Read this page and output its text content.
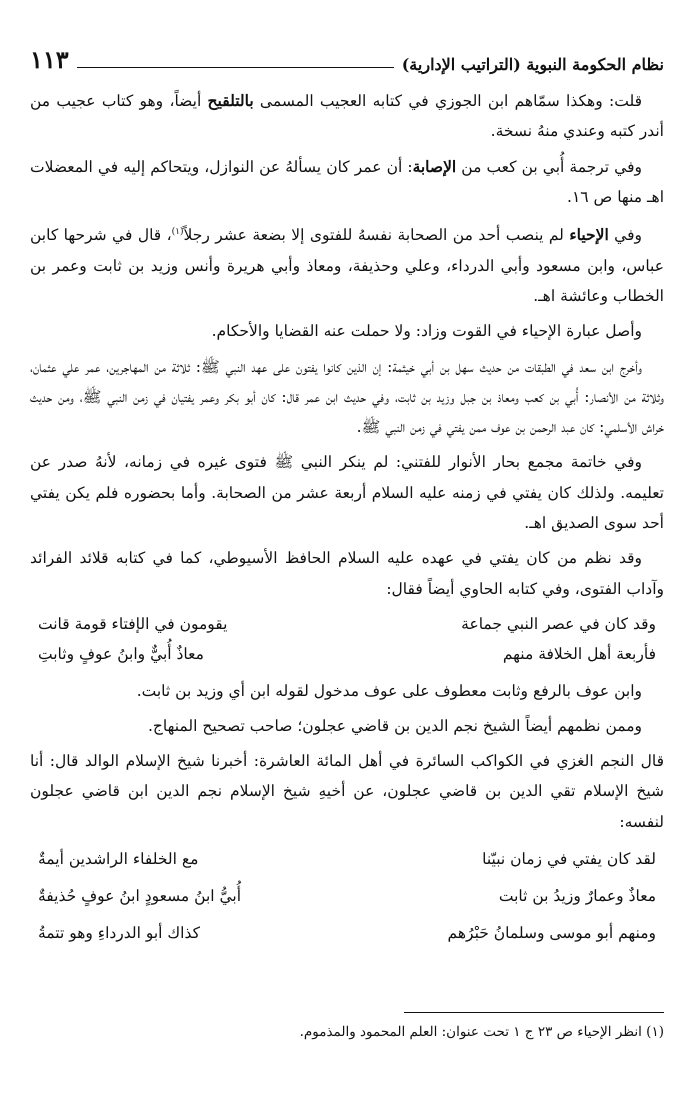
نظام الحكومة النبوية (التراتيب الإدارية)
١١٣

قلت: وهكذا سمّاهم ابن الجوزي في كتابه العجيب المسمى بالتلقيح أيضاً، وهو كتاب عجيب من أندر كتبه وعندي منهُ نسخة.

وفي ترجمة أُبي بن كعب من الإصابة: أن عمر كان يسألهُ عن النوازل، ويتحاكم إليه في المعضلات اهـ منها ص ١٦.

وفي الإحياء لم ينصب أحد من الصحابة نفسهُ للفتوى إلا بضعة عشر رجلاً$^{(١)}$، قال في شرحها كابن عباس، وابن مسعود وأبي الدرداء، وعلي وحذيفة، ومعاذ وأبي هريرة وأنس وزيد بن ثابت وعمر بن الخطاب وعائشة اهـ.

وأصل عبارة الإحياء في القوت وزاد: ولا حملت عنه القضايا والأحكام.

وأخرج ابن سعد في الطبقات من حديث سهل بن أبي خيثمة: إن الذين كانوا يفتون على عهد النبي ﷺ: ثلاثة من المهاجرين، عمر علي عثمان، وثلاثة من الأنصار: أُبي بن كعب ومعاذ بن جبل وزيد بن ثابت، وفي حديث ابن عمر قال: كان أبو بكر وعمر يفتيان في زمن النبي ﷺ، ومن حديث خراش الأسلمي: كان عبد الرحمن بن عوف ممن يفتي في زمن النبي ﷺ.

وفي خاتمة مجمع بحار الأنوار للفتني: لم ينكر النبي ﷺ فتوى غيره في زمانه، لأنهُ صدر عن تعليمه. ولذلك كان يفتي في زمنه عليه السلام أربعة عشر من الصحابة. وأما بحضوره فلم يكن يفتي أحد سوى الصديق اهـ.

وقد نظم من كان يفتي في عهده عليه السلام الحافظ الأسيوطي، كما في كتابه قلائد الفرائد وآداب الفتوى، وفي كتابه الحاوي أيضاً فقال:

وقد كان في عصر النبي جماعة	يقومون في الإفتاء قومة قانت
فأربعة أهل الخلافة منهم	معاذٌ أُبيٌّ وابنُ عوفٍ وثابتِ

وابن عوف بالرفع وثابت معطوف على عوف مدخول لقوله ابن أي وزيد بن ثابت.

وممن نظمهم أيضاً الشيخ نجم الدين بن قاضي عجلون؛ صاحب تصحيح المنهاج.

قال النجم الغزي في الكواكب السائرة في أهل المائة العاشرة: أخبرنا شيخ الإسلام الوالد قال: أنا شيخ الإسلام تقي الدين بن قاضي عجلون، عن أخيهِ شيخ الإسلام نجم الدين ابن قاضي عجلون لنفسه:

لقد كان يفتي في زمان نبيّنا	مع الخلفاء الراشدين أيمةٌ
معاذٌ وعمارٌ وزيدُ بن ثابت	أُبيُّ ابنُ مسعودٍ ابنُ عوفٍ حُذيفةٌ
ومنهم أبو موسى وسلمانُ حَبْرُهم	كذاك أبو الدرداءِ وهو تتمةُ
(١) انظر الإحياء ص ٢٣ ج ١ تحت عنوان: العلم المحمود والمذموم.
